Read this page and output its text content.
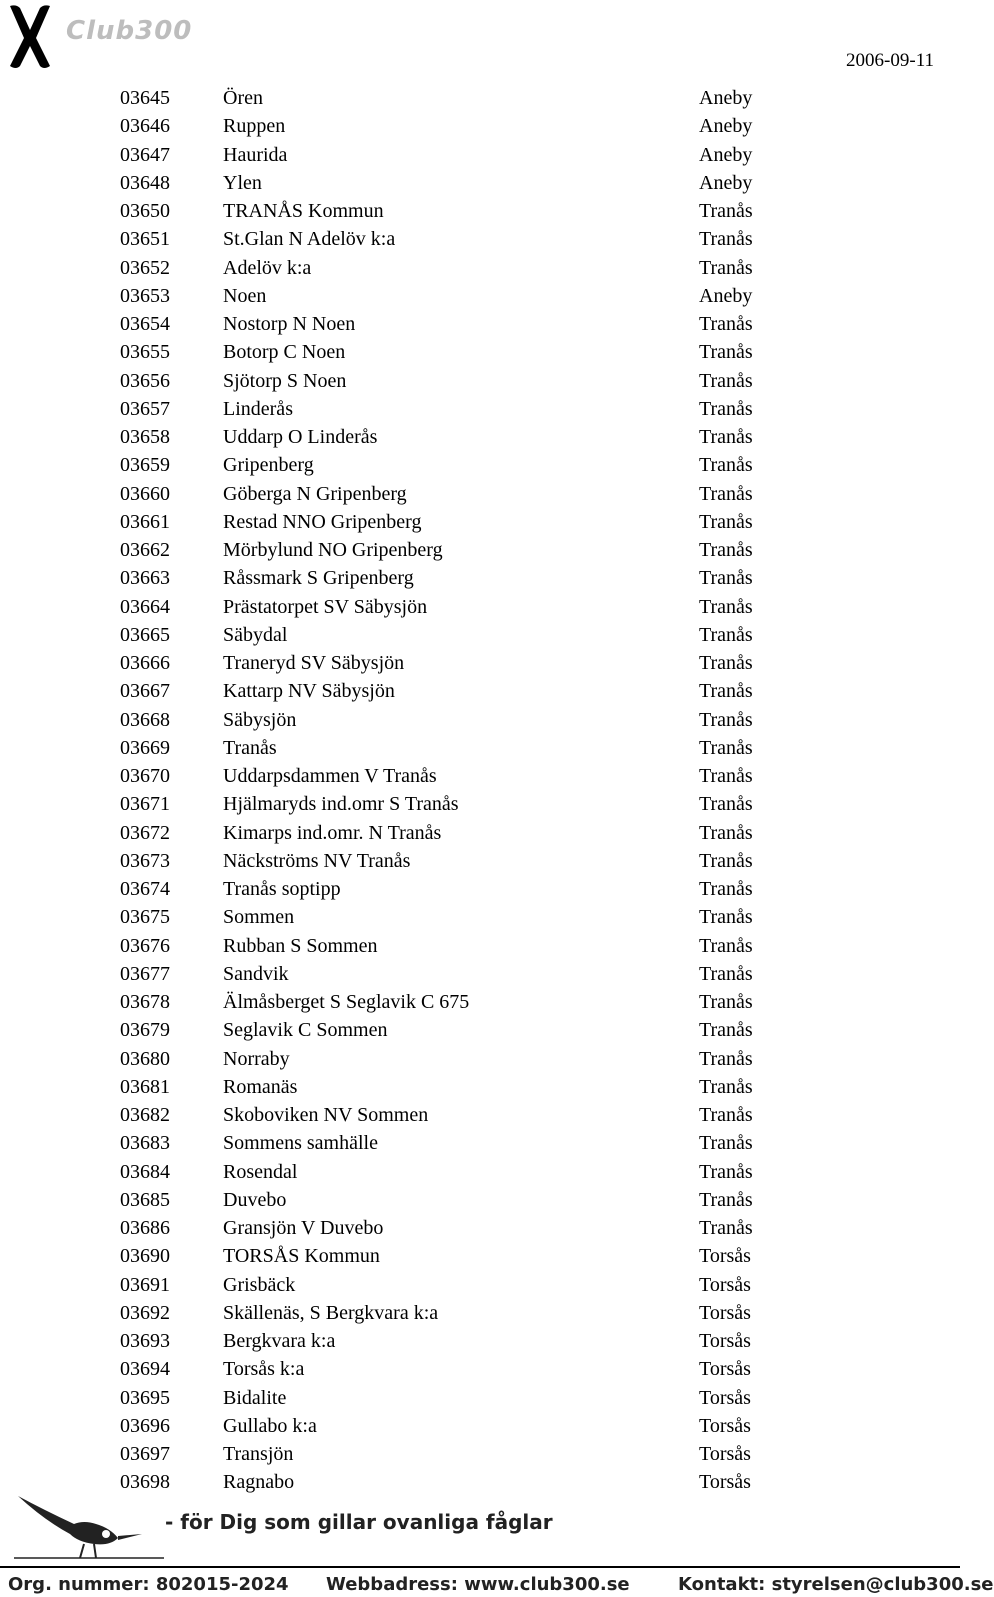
Club300
2006-09-11
03645	Ören	Aneby
03646	Ruppen	Aneby
03647	Haurida	Aneby
03648	Ylen	Aneby
03650	TRANÅS Kommun	Tranås
03651	St.Glan N Adelöv k:a	Tranås
03652	Adelöv k:a	Tranås
03653	Noen	Aneby
03654	Nostorp N Noen	Tranås
03655	Botorp C Noen	Tranås
03656	Sjötorp S Noen	Tranås
03657	Linderås	Tranås
03658	Uddarp O Linderås	Tranås
03659	Gripenberg	Tranås
03660	Göberga N Gripenberg	Tranås
03661	Restad NNO Gripenberg	Tranås
03662	Mörbylund NO Gripenberg	Tranås
03663	Råssmark S Gripenberg	Tranås
03664	Prästatorpet SV Säbysjön	Tranås
03665	Säbydal	Tranås
03666	Traneryd SV Säbysjön	Tranås
03667	Kattarp NV Säbysjön	Tranås
03668	Säbysjön	Tranås
03669	Tranås	Tranås
03670	Uddarpsdammen V Tranås	Tranås
03671	Hjälmaryds ind.omr S Tranås	Tranås
03672	Kimarps ind.omr. N Tranås	Tranås
03673	Näckströms NV Tranås	Tranås
03674	Tranås soptipp	Tranås
03675	Sommen	Tranås
03676	Rubban S Sommen	Tranås
03677	Sandvik	Tranås
03678	Älmåsberget S Seglavik C 675	Tranås
03679	Seglavik C Sommen	Tranås
03680	Norraby	Tranås
03681	Romanäs	Tranås
03682	Skoboviken NV Sommen	Tranås
03683	Sommens samhälle	Tranås
03684	Rosendal	Tranås
03685	Duvebo	Tranås
03686	Gransjön V Duvebo	Tranås
03690	TORSÅS Kommun	Torsås
03691	Grisbäck	Torsås
03692	Skällenäs, S Bergkvara k:a	Torsås
03693	Bergkvara k:a	Torsås
03694	Torsås k:a	Torsås
03695	Bidalite	Torsås
03696	Gullabo k:a	Torsås
03697	Transjön	Torsås
03698	Ragnabo	Torsås
- för Dig som gillar ovanliga fåglar
Org. nummer: 802015-2024 Webbadress: www.club300.se	Kontakt: styrelsen@club300.se
